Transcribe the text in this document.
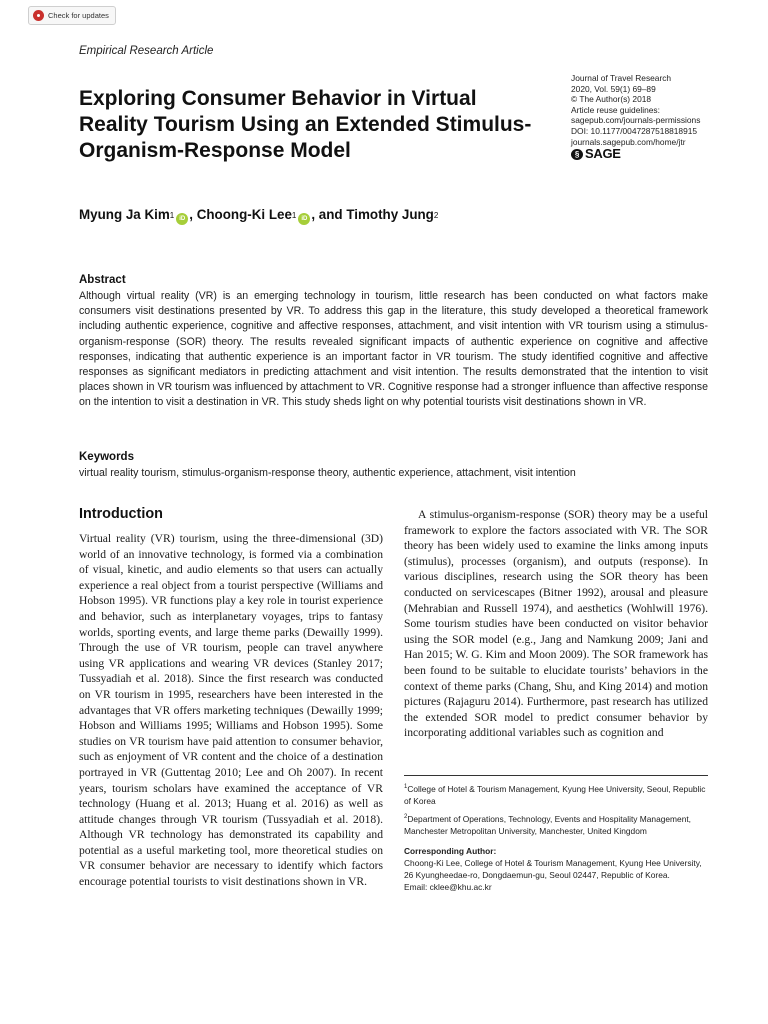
Check for updates
Empirical Research Article
Exploring Consumer Behavior in Virtual Reality Tourism Using an Extended Stimulus-Organism-Response Model
Journal of Travel Research
2020, Vol. 59(1) 69–89
© The Author(s) 2018
Article reuse guidelines:
sagepub.com/journals-permissions
DOI: 10.1177/0047287518818915
journals.sagepub.com/home/jtr
§ SAGE
Myung Ja Kim$^1$ iD , Choong-Ki Lee$^1$ iD , and Timothy Jung$^2$
Abstract

Although virtual reality (VR) is an emerging technology in tourism, little research has been conducted on what factors make consumers visit destinations presented by VR. To address this gap in the literature, this study developed a theoretical framework including authentic experience, cognitive and affective responses, attachment, and visit intention with VR tourism using a stimulus-organism-response (SOR) theory. The results revealed significant impacts of authentic experience on cognitive and affective responses, indicating that authentic experience is an important factor in VR tourism. The study identified cognitive and affective responses as significant mediators in predicting attachment and visit intention. The results demonstrated that the intention to visit places shown in VR tourism was influenced by attachment to VR. Cognitive response had a stronger influence than affective response on the intention to visit a destination in VR. This study sheds light on why potential tourists visit destinations shown in VR.

Keywords

virtual reality tourism, stimulus-organism-response theory, authentic experience, attachment, visit intention

Introduction

Virtual reality (VR) tourism, using the three-dimensional (3D) world of an innovative technology, is formed via a combination of visual, kinetic, and audio elements so that users can actually experience a real object from a tourist perspective (Williams and Hobson 1995). VR functions play a key role in tourist experience and behavior, such as interplanetary voyages, trips to fantasy worlds, sporting events, and large theme parks (Dewailly 1999). Through the use of VR tourism, people can travel anywhere using VR applications and wearing VR devices (Stanley 2017; Tussyadiah et al. 2018). Since the first research was conducted on VR tourism in 1995, researchers have been interested in the advantages that VR offers marketing techniques (Dewailly 1999; Hobson and Williams 1995; Williams and Hobson 1995). Some studies on VR tourism have paid attention to consumer behavior, such as enjoyment of VR content and the choice of a destination portrayed in VR (Guttentag 2010; Lee and Oh 2007). In recent years, tourism scholars have examined the acceptance of VR technology (Huang et al. 2013; Huang et al. 2016) as well as attitude changes through VR tourism (Tussyadiah et al. 2018). Although VR technology has demonstrated its capability and potential as a useful marketing tool, more theoretical studies on VR consumer behavior are necessary to identify which factors encourage potential tourists to visit destinations shown in VR.

A stimulus-organism-response (SOR) theory may be a useful framework to explore the factors associated with VR. The SOR theory has been widely used to examine the links among inputs (stimulus), processes (organism), and outputs (response). In various disciplines, research using the SOR theory has been conducted on servicescapes (Bitner 1992), arousal and pleasure (Mehrabian and Russell 1974), and aesthetics (Wohlwill 1976). Some tourism studies have been conducted on visitor behavior using the SOR model (e.g., Jang and Namkung 2009; Jani and Han 2015; W. G. Kim and Moon 2009). The SOR framework has been found to be suitable to elucidate tourists’ behaviors in the context of theme parks (Chang, Shu, and King 2014) and motion pictures (Rajaguru 2014). Furthermore, past research has utilized the extended SOR model to predict consumer behavior by incorporating additional variables such as cognition and

$^1$College of Hotel & Tourism Management, Kyung Hee University, Seoul, Republic of Korea

$^2$Department of Operations, Technology, Events and Hospitality Management, Manchester Metropolitan University, Manchester, United Kingdom

Corresponding Author:

Choong-Ki Lee, College of Hotel & Tourism Management, Kyung Hee University, 26 Kyungheedae-ro, Dongdaemun-gu, Seoul 02447, Republic of Korea.

Email: cklee@khu.ac.kr
